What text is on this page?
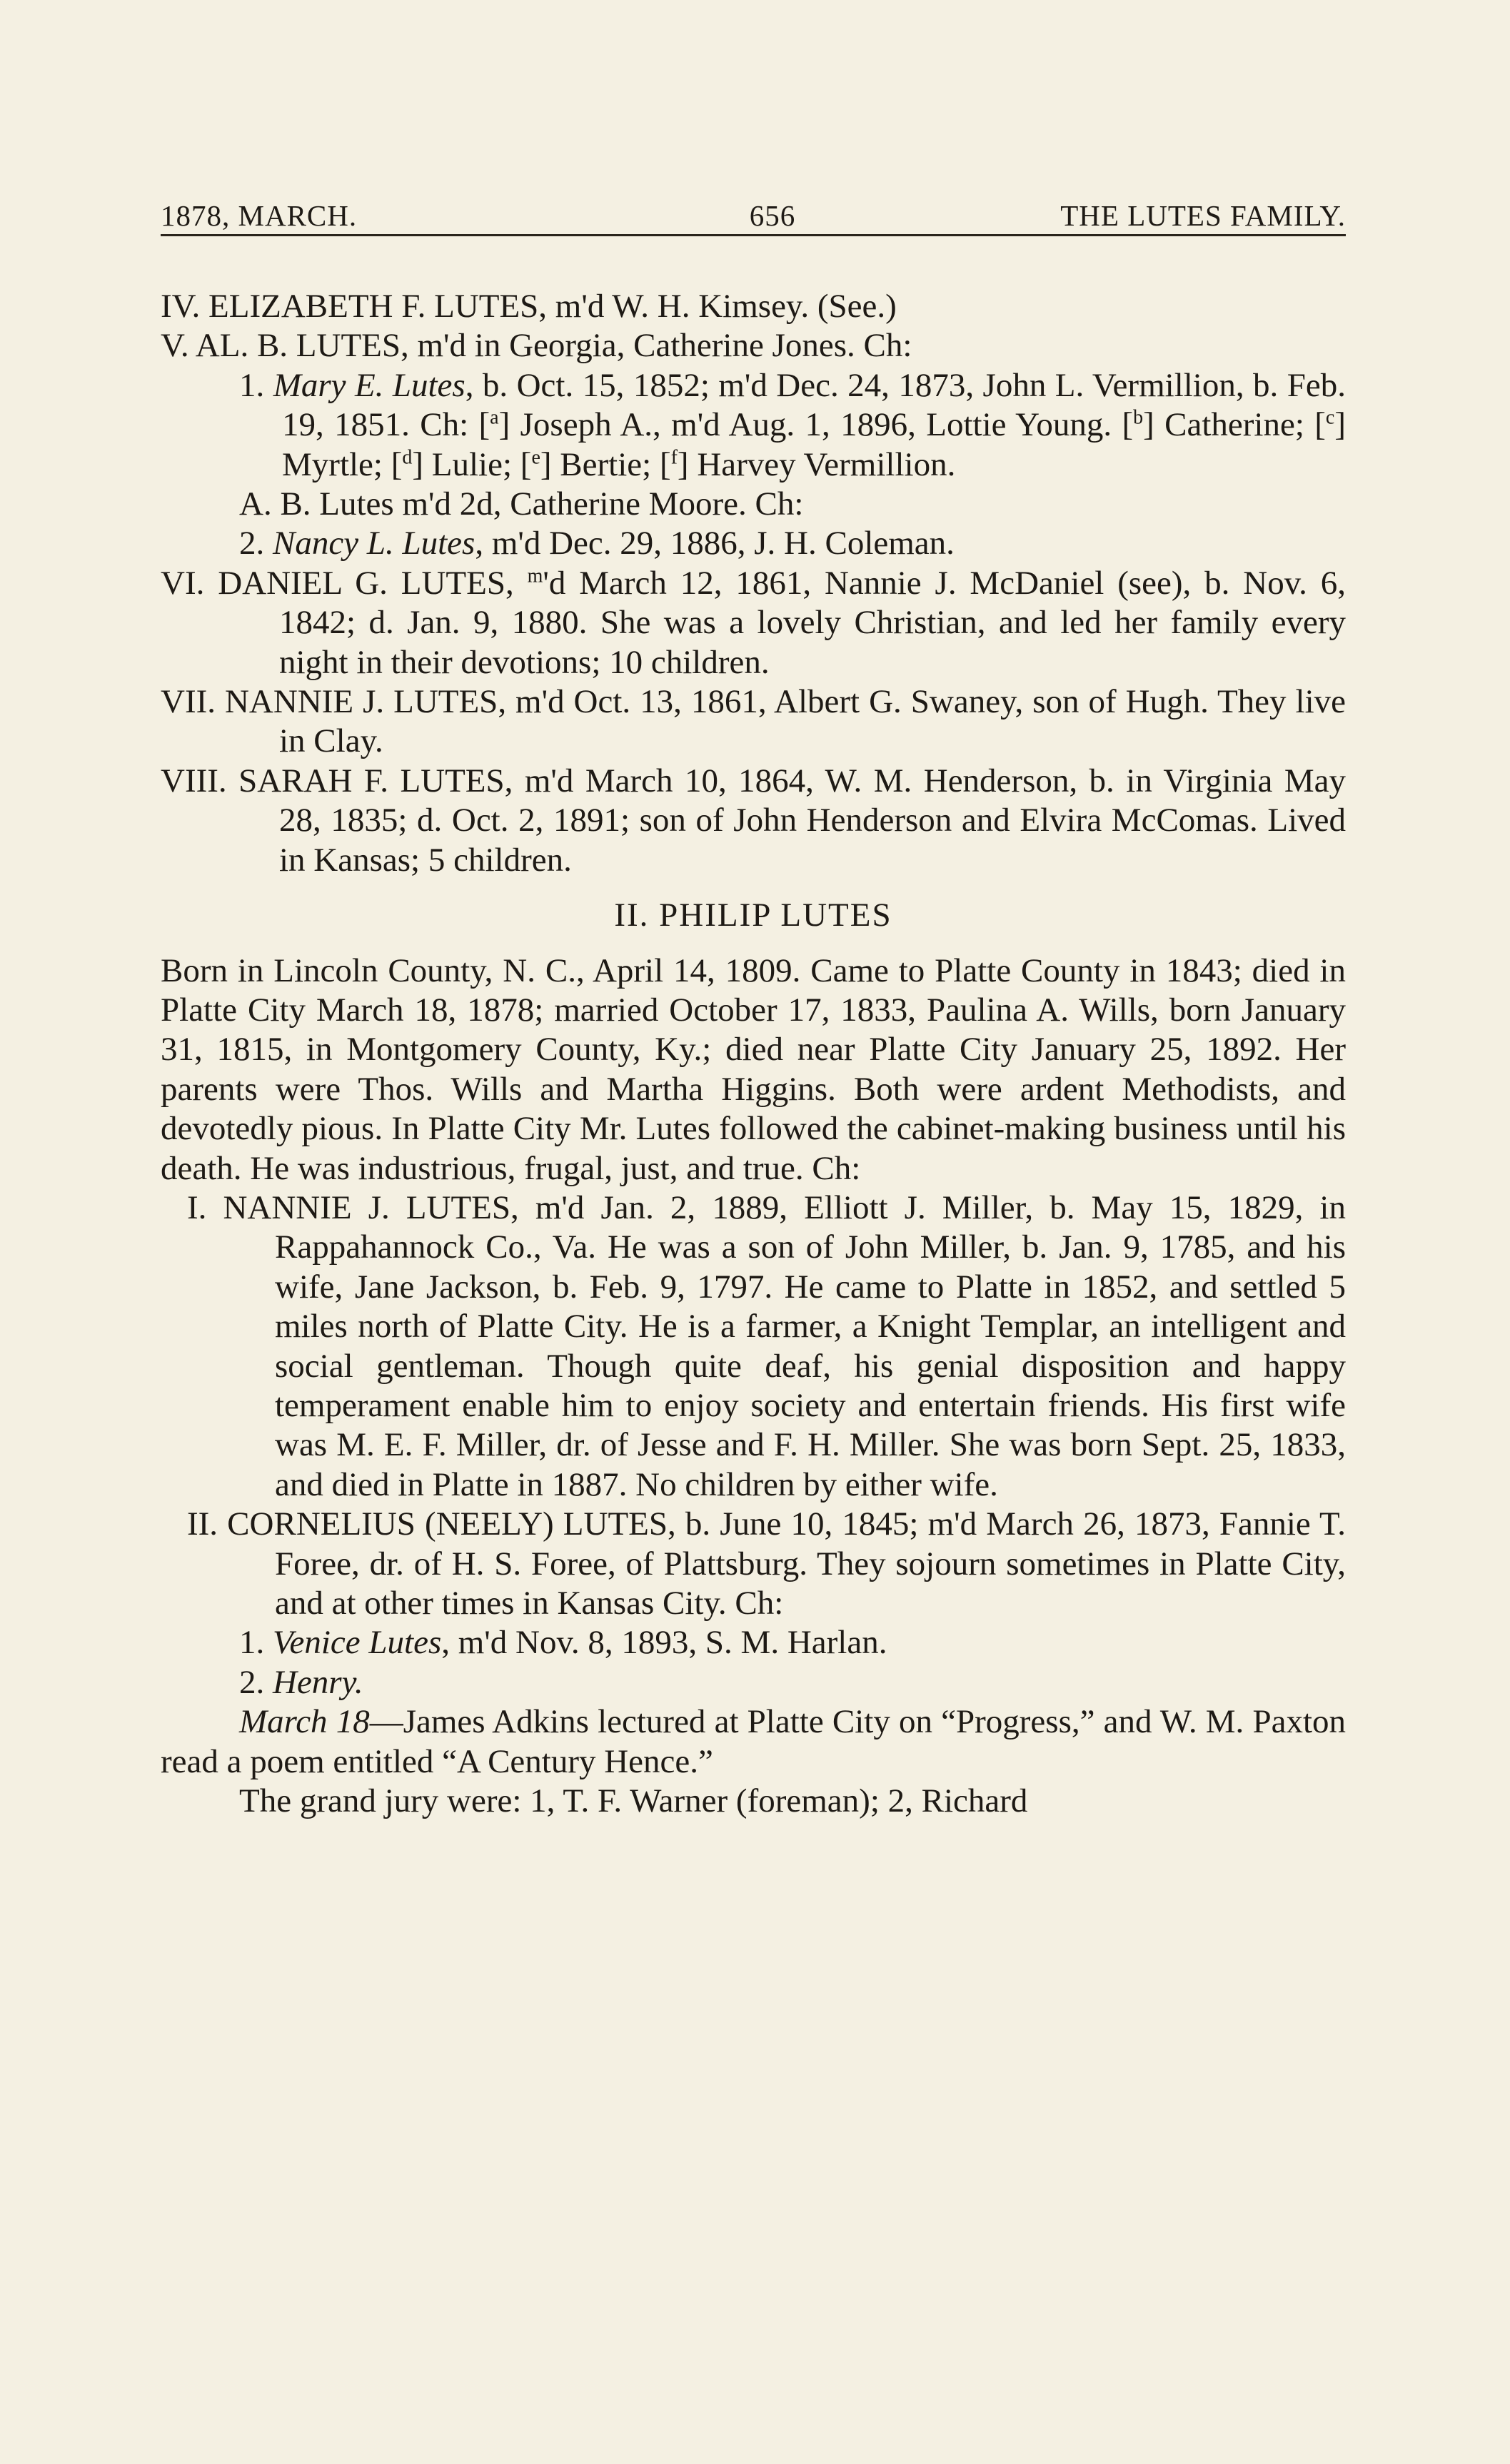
1878, MARCH.	656	THE LUTES FAMILY.

IV. ELIZABETH F. LUTES, m'd W. H. Kimsey. (See.)

V. AL. B. LUTES, m'd in Georgia, Catherine Jones. Ch:

1. Mary E. Lutes, b. Oct. 15, 1852; m'd Dec. 24, 1873, John L. Vermillion, b. Feb. 19, 1851. Ch: [$^a$] Joseph A., m'd Aug. 1, 1896, Lottie Young. [$^b$] Catherine; [$^c$] Myrtle; [$^d$] Lulie; [$^e$] Bertie; [$^f$] Harvey Vermillion.

A. B. Lutes m'd 2d, Catherine Moore. Ch:

2. Nancy L. Lutes, m'd Dec. 29, 1886, J. H. Coleman.

VI. DANIEL G. LUTES, $^m$'d March 12, 1861, Nannie J. McDaniel (see), b. Nov. 6, 1842; d. Jan. 9, 1880. She was a lovely Christian, and led her family every night in their devotions; 10 children.

VII. NANNIE J. LUTES, m'd Oct. 13, 1861, Albert G. Swaney, son of Hugh. They live in Clay.

VIII. SARAH F. LUTES, m'd March 10, 1864, W. M. Henderson, b. in Virginia May 28, 1835; d. Oct. 2, 1891; son of John Henderson and Elvira McComas. Lived in Kansas; 5 children.

II. PHILIP LUTES

Born in Lincoln County, N. C., April 14, 1809. Came to Platte County in 1843; died in Platte City March 18, 1878; married October 17, 1833, Paulina A. Wills, born January 31, 1815, in Montgomery County, Ky.; died near Platte City January 25, 1892. Her parents were Thos. Wills and Martha Higgins. Both were ardent Methodists, and devotedly pious. In Platte City Mr. Lutes followed the cabinet-making business until his death. He was industrious, frugal, just, and true. Ch:

I. NANNIE J. LUTES, m'd Jan. 2, 1889, Elliott J. Miller, b. May 15, 1829, in Rappahannock Co., Va. He was a son of John Miller, b. Jan. 9, 1785, and his wife, Jane Jackson, b. Feb. 9, 1797. He came to Platte in 1852, and settled 5 miles north of Platte City. He is a farmer, a Knight Templar, an intelligent and social gentleman. Though quite deaf, his genial disposition and happy temperament enable him to enjoy society and entertain friends. His first wife was M. E. F. Miller, dr. of Jesse and F. H. Miller. She was born Sept. 25, 1833, and died in Platte in 1887. No children by either wife.

II. CORNELIUS (NEELY) LUTES, b. June 10, 1845; m'd March 26, 1873, Fannie T. Foree, dr. of H. S. Foree, of Plattsburg. They sojourn sometimes in Platte City, and at other times in Kansas City. Ch:

1. Venice Lutes, m'd Nov. 8, 1893, S. M. Harlan.

2. Henry.

March 18—James Adkins lectured at Platte City on “Progress,” and W. M. Paxton read a poem entitled “A Century Hence.”

The grand jury were: 1, T. F. Warner (foreman); 2, Richard
